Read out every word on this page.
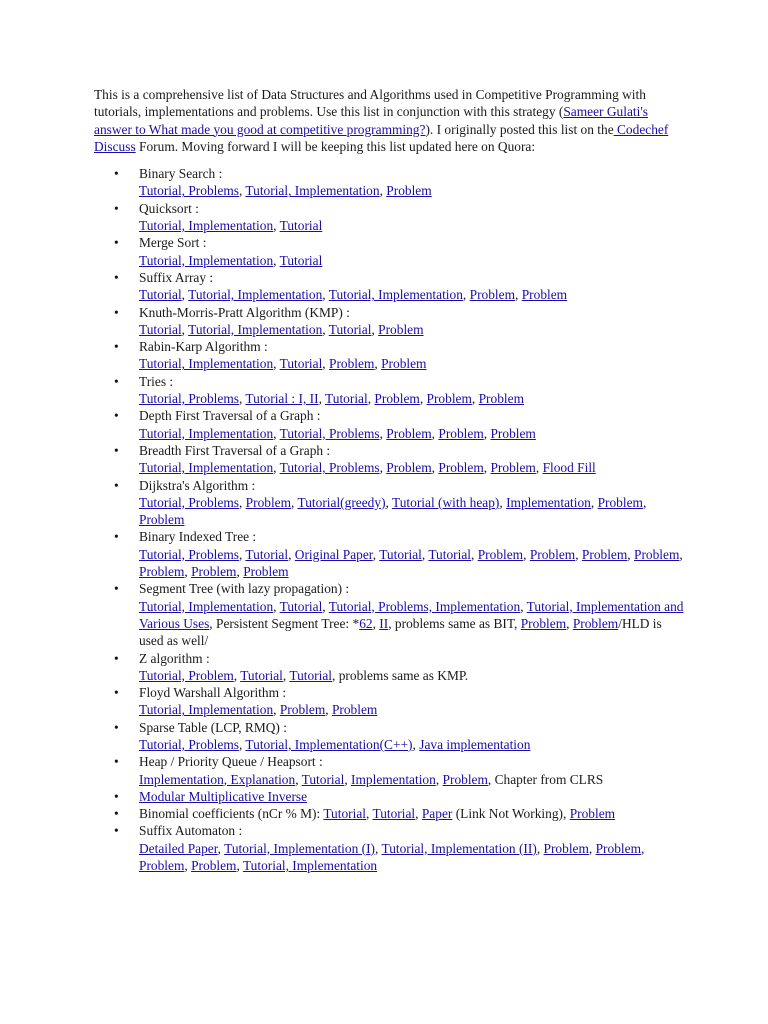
This is a comprehensive list of Data Structures and Algorithms used in Competitive Programming with tutorials, implementations and problems. Use this list in conjunction with this strategy (Sameer Gulati's answer to What made you good at competitive programming?). I originally posted this list on the Codechef Discuss Forum. Moving forward I will be keeping this list updated here on Quora:

• Binary Search :
Tutorial, Problems, Tutorial, Implementation, Problem
• Quicksort :
Tutorial, Implementation, Tutorial
• Merge Sort :
Tutorial, Implementation, Tutorial
• Suffix Array :
Tutorial, Tutorial, Implementation, Tutorial, Implementation, Problem, Problem
• Knuth-Morris-Pratt Algorithm (KMP) :
Tutorial, Tutorial, Implementation, Tutorial, Problem
• Rabin-Karp Algorithm :
Tutorial, Implementation, Tutorial, Problem, Problem
• Tries :
Tutorial, Problems, Tutorial : I, II, Tutorial, Problem, Problem, Problem
• Depth First Traversal of a Graph :
Tutorial, Implementation, Tutorial, Problems, Problem, Problem, Problem
• Breadth First Traversal of a Graph :
Tutorial, Implementation, Tutorial, Problems, Problem, Problem, Problem, Flood Fill
• Dijkstra's Algorithm :
Tutorial, Problems, Problem, Tutorial(greedy), Tutorial (with heap), Implementation, Problem, Problem
• Binary Indexed Tree :
Tutorial, Problems, Tutorial, Original Paper, Tutorial, Tutorial, Problem, Problem, Problem, Problem, Problem, Problem, Problem
• Segment Tree (with lazy propagation) :
Tutorial, Implementation, Tutorial, Tutorial, Problems, Implementation, Tutorial, Implementation and Various Uses, Persistent Segment Tree: *62, II, problems same as BIT, Problem, Problem/HLD is used as well/
• Z algorithm :
Tutorial, Problem, Tutorial, Tutorial, problems same as KMP.
• Floyd Warshall Algorithm :
Tutorial, Implementation, Problem, Problem
• Sparse Table (LCP, RMQ) :
Tutorial, Problems, Tutorial, Implementation(C++), Java implementation
• Heap / Priority Queue / Heapsort :
Implementation, Explanation, Tutorial, Implementation, Problem, Chapter from CLRS
• Modular Multiplicative Inverse
• Binomial coefficients (nCr % M): Tutorial, Tutorial, Paper (Link Not Working), Problem
• Suffix Automaton :
Detailed Paper, Tutorial, Implementation (I), Tutorial, Implementation (II), Problem, Problem, Problem, Problem, Tutorial, Implementation
